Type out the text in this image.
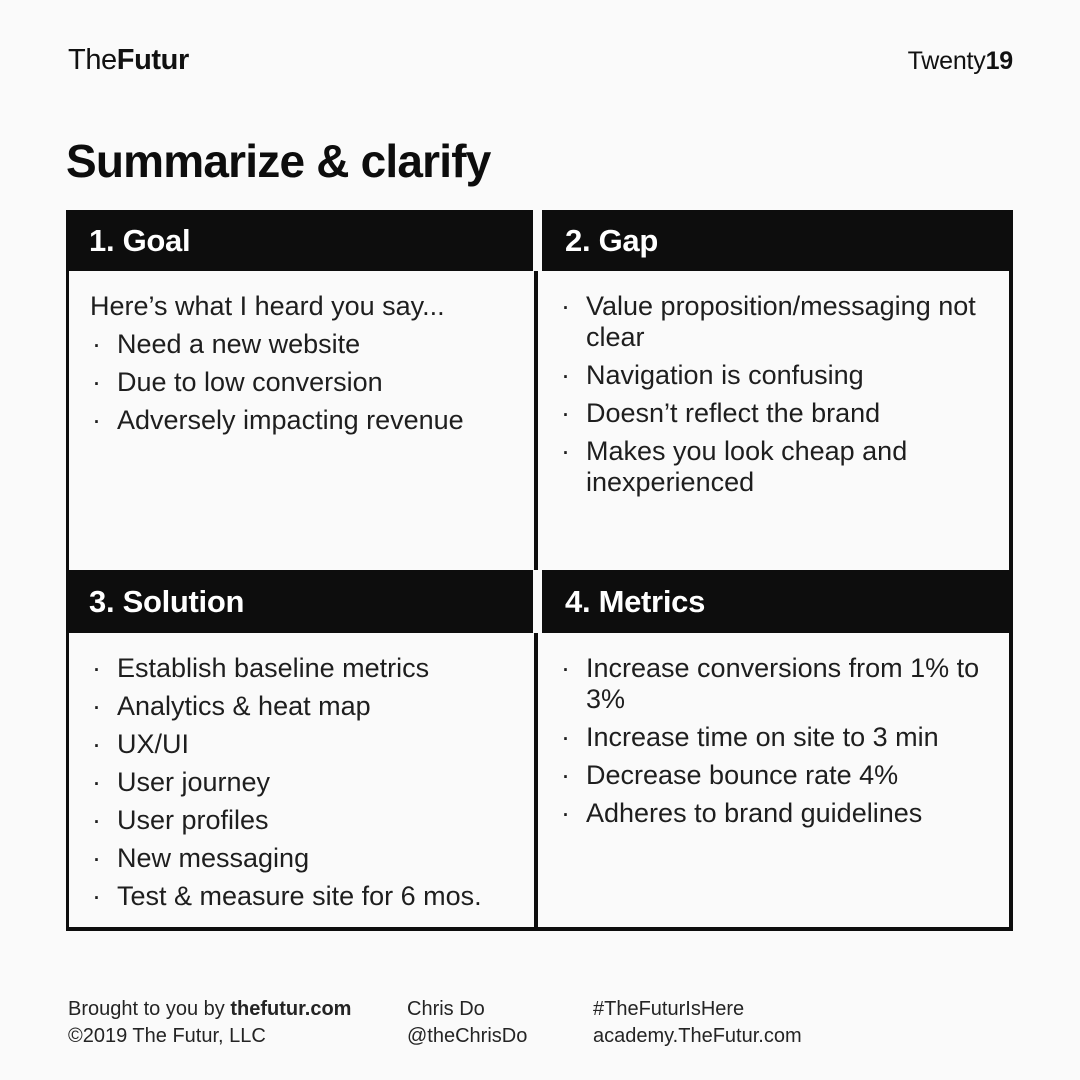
TheFutur	Twenty19
Summarize & clarify
1. Goal	2. Gap

Here’s what I heard you say...

· Need a new website
· Due to low conversion
· Adversely impacting revenue
· Value proposition/messaging not clear
· Navigation is confusing
· Doesn’t reflect the brand
· Makes you look cheap and inexperienced
3. Solution	4. Metrics
· Establish baseline metrics
· Analytics & heat map
· UX/UI
· User journey
· User profiles
· New messaging
· Test & measure site for 6 mos.
· Increase conversions from 1% to 3%
· Increase time on site to 3 min
· Decrease bounce rate 4%
· Adheres to brand guidelines
Brought to you by thefutur.com
©2019 The Futur, LLC
Chris Do
@theChrisDo
#TheFuturIsHere
academy.TheFutur.com
